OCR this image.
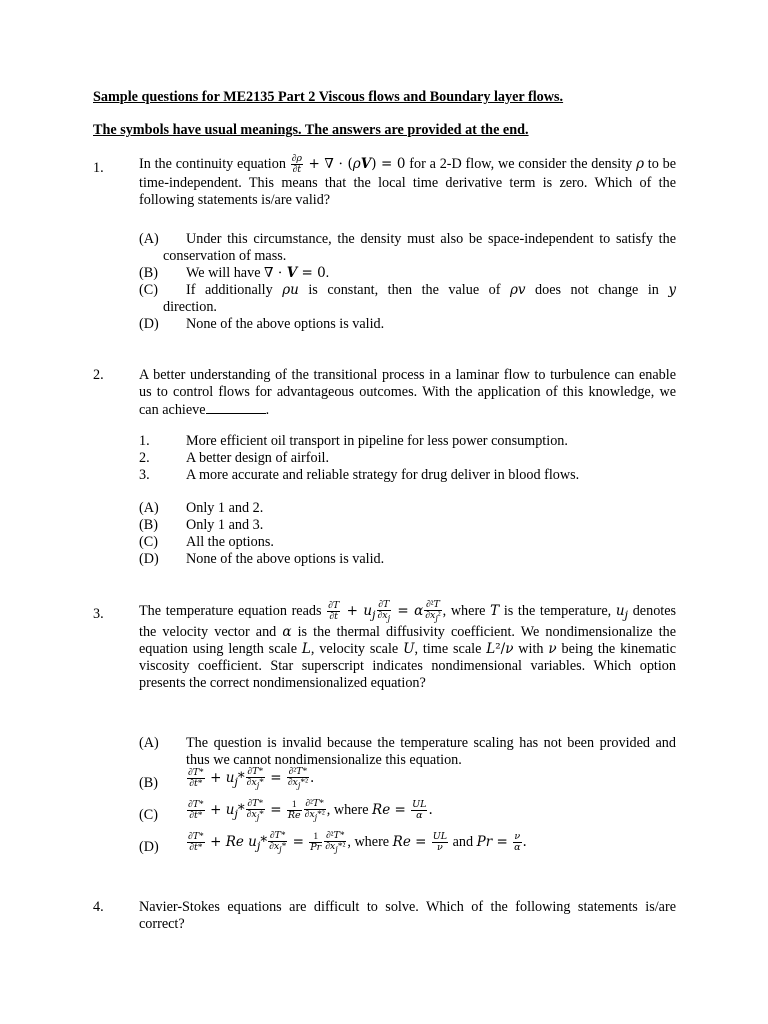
Sample questions for ME2135 Part 2 Viscous flows and Boundary layer flows.
The symbols have usual meanings. The answers are provided at the end.
1. In the continuity equation $\frac{\partial\rho}{\partial t}$ + ∇ ⋅ (ρV) = 0 for a 2-D flow, we consider the density ρ to be time-independent. This means that the local time derivative term is zero. Which of the following statements is/are valid?
(A)	Under this circumstance, the density must also be space-independent to satisfy the conservation of mass.
(B) We will have ∇ ⋅ V = 0.
(C)	If additionally ρu is constant, then the value of ρv does not change in y direction.
(D) None of the above options is valid.
2. A better understanding of the transitional process in a laminar flow to turbulence can enable us to control flows for advantageous outcomes. With the application of this knowledge, we can achieve	.
1.	More efficient oil transport in pipeline for less power consumption.
2.	A better design of airfoil.
3.	A more accurate and reliable strategy for drug deliver in blood flows.
(A) Only 1 and 2.
(B) Only 1 and 3.
(C) All the options.
(D) None of the above options is valid.
3. The temperature equation reads $\frac{\partial T}{\partial t} + u_j \frac{\partial T}{\partial x_j} = \alpha \frac{\text{∂²T}}{\partial x_j^2}$ , where T is the temperature, $u_j$ denotes the velocity vector and α is the thermal diffusivity coefficient. We nondimensionalize the equation using length scale L, velocity scale U, time scale L²/ν with ν being the kinematic viscosity coefficient. Star superscript indicates nondimensional variables. Which option presents the correct nondimensionalized equation?
(A) The question is invalid because the temperature scaling has not been provided and thus we cannot nondimensionalize this equation.
(B)	$\frac{\partial T*}{\partial t*} + u_j* \frac{\partial T*}{\partial x_j*} = \frac{\text{∂²T*}}{\partial x_j*^2}$ .
(C)	$\frac{\partial T*}{\partial t*} + u_j* \frac{\partial T*}{\partial x_j*} = \frac{1}{Re} \frac{\text{∂²T*}}{\partial x_j*^2}$ , where $Re = \frac{UL}{\alpha}$ .
(D)	$\frac{\partial T*}{\partial t*} + Re$ $u_j* \frac{\partial T*}{\partial x_j*} = \frac{1}{Pr} \frac{\text{∂²T*}}{\partial x_j*^2}$ , where $Re = \frac{UL}{\nu}$ and $Pr = \frac{\nu}{\alpha}$ .
4. Navier-Stokes equations are difficult to solve. Which of the following statements is/are correct?
